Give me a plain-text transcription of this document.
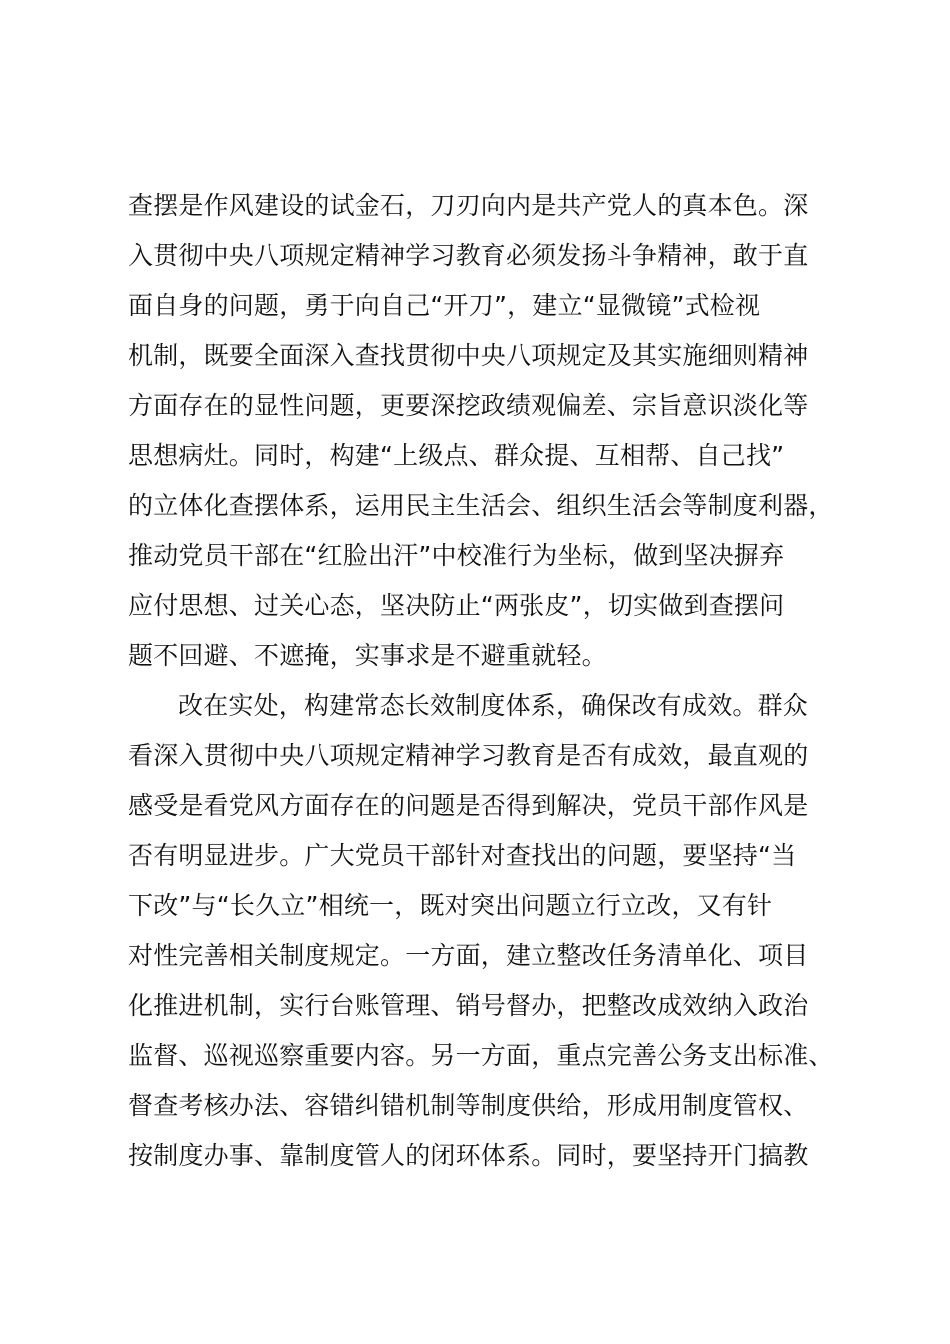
查摆是作风建设的试金石，刀刃向内是共产党人的真本色。深
入贯彻中央八项规定精神学习教育必须发扬斗争精神，敢于直
面自身的问题，勇于向自己“开刀”，建立“显微镜”式检视
机制，既要全面深入查找贯彻中央八项规定及其实施细则精神
方面存在的显性问题，更要深挖政绩观偏差、宗旨意识淡化等
思想病灶。同时，构建“上级点、群众提、互相帮、自己找”
的立体化查摆体系，运用民主生活会、组织生活会等制度利器，
推动党员干部在“红脸出汗”中校准行为坐标，做到坚决摒弃
应付思想、过关心态，坚决防止“两张皮”，切实做到查摆问
题不回避、不遮掩，实事求是不避重就轻。
改在实处，构建常态长效制度体系，确保改有成效。群众
看深入贯彻中央八项规定精神学习教育是否有成效，最直观的
感受是看党风方面存在的问题是否得到解决，党员干部作风是
否有明显进步。广大党员干部针对查找出的问题，要坚持“当
下改”与“长久立”相统一，既对突出问题立行立改，又有针
对性完善相关制度规定。一方面，建立整改任务清单化、项目
化推进机制，实行台账管理、销号督办，把整改成效纳入政治
监督、巡视巡察重要内容。另一方面，重点完善公务支出标准、
督查考核办法、容错纠错机制等制度供给，形成用制度管权、
按制度办事、靠制度管人的闭环体系。同时，要坚持开门搞教
